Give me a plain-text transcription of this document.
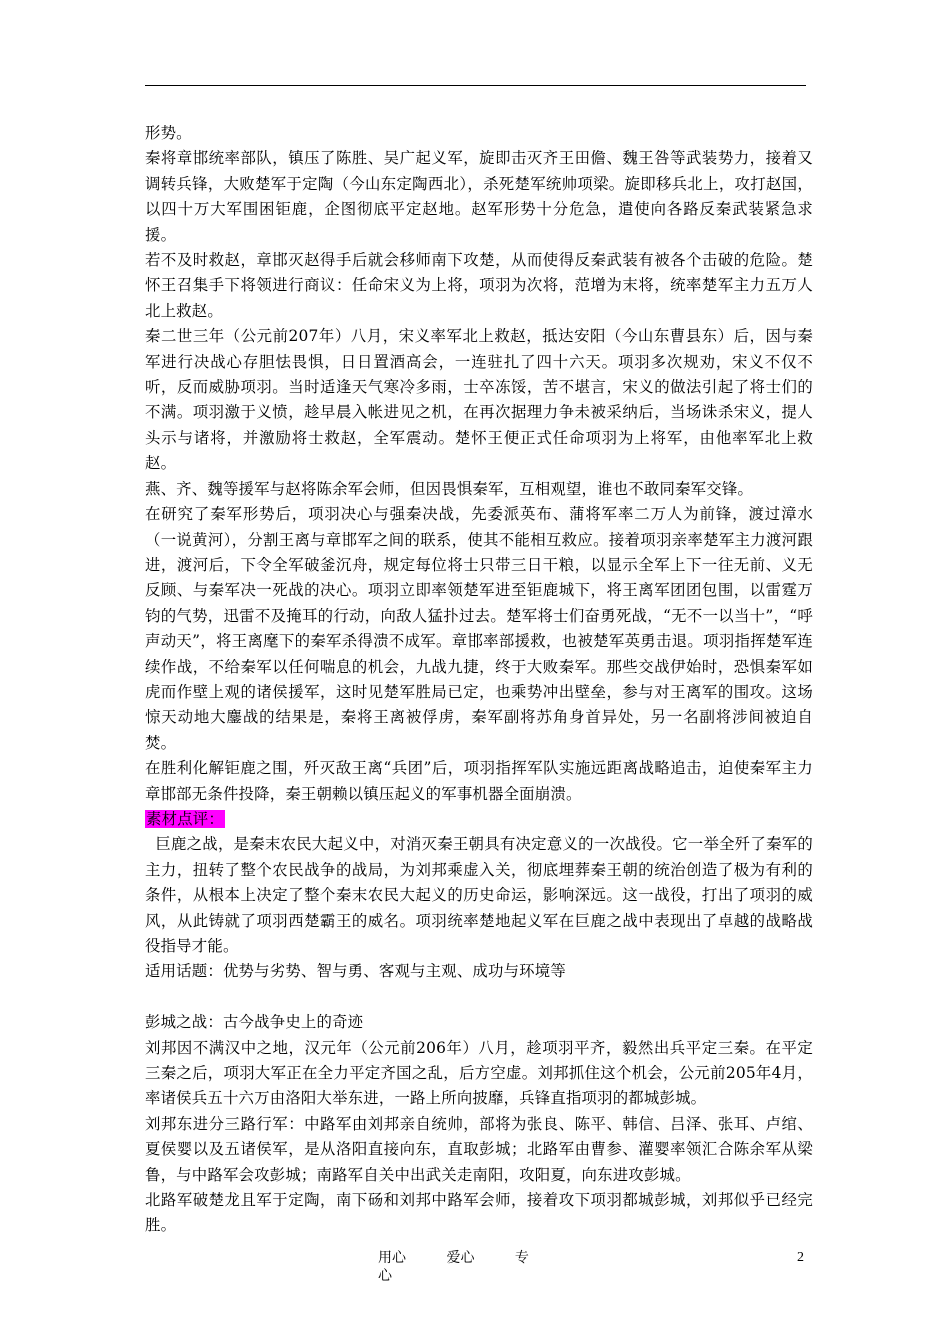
形势。

秦将章邯统率部队，镇压了陈胜、吴广起义军，旋即击灭齐王田儋、魏王咎等武装势力，接着又调转兵锋，大败楚军于定陶（今山东定陶西北），杀死楚军统帅项梁。旋即移兵北上，攻打赵国，以四十万大军围困钜鹿，企图彻底平定赵地。赵军形势十分危急，遣使向各路反秦武装紧急求援。

若不及时救赵，章邯灭赵得手后就会移师南下攻楚，从而使得反秦武装有被各个击破的危险。楚怀王召集手下将领进行商议：任命宋义为上将，项羽为次将，范增为末将，统率楚军主力五万人北上救赵。

秦二世三年（公元前207年）八月，宋义率军北上救赵，抵达安阳（今山东曹县东）后，因与秦军进行决战心存胆怯畏惧，日日置酒高会，一连驻扎了四十六天。项羽多次规劝，宋义不仅不听，反而威胁项羽。当时适逢天气寒冷多雨，士卒冻馁，苦不堪言，宋义的做法引起了将士们的不满。项羽激于义愤，趁早晨入帐进见之机，在再次据理力争未被采纳后，当场诛杀宋义，提人头示与诸将，并激励将士救赵，全军震动。楚怀王便正式任命项羽为上将军，由他率军北上救赵。

燕、齐、魏等援军与赵将陈余军会师，但因畏惧秦军，互相观望，谁也不敢同秦军交锋。

在研究了秦军形势后，项羽决心与强秦决战，先委派英布、蒲将军率二万人为前锋，渡过漳水（一说黄河），分割王离与章邯军之间的联系，使其不能相互救应。接着项羽亲率楚军主力渡河跟进，渡河后，下令全军破釜沉舟，规定每位将士只带三日干粮，以显示全军上下一往无前、义无反顾、与秦军决一死战的决心。项羽立即率领楚军进至钜鹿城下，将王离军团团包围，以雷霆万钧的气势，迅雷不及掩耳的行动，向敌人猛扑过去。楚军将士们奋勇死战，“无不一以当十”，“呼声动天”，将王离麾下的秦军杀得溃不成军。章邯率部援救，也被楚军英勇击退。项羽指挥楚军连续作战，不给秦军以任何喘息的机会，九战九捷，终于大败秦军。那些交战伊始时，恐惧秦军如虎而作壁上观的诸侯援军，这时见楚军胜局已定，也乘势冲出壁垒，参与对王离军的围攻。这场惊天动地大鏖战的结果是，秦将王离被俘虏，秦军副将苏角身首异处，另一名副将涉间被迫自焚。

在胜利化解钜鹿之围，歼灭敌王离“兵团”后，项羽指挥军队实施远距离战略追击，迫使秦军主力章邯部无条件投降，秦王朝赖以镇压起义的军事机器全面崩溃。

素材点评：

巨鹿之战，是秦末农民大起义中，对消灭秦王朝具有决定意义的一次战役。它一举全歼了秦军的主力，扭转了整个农民战争的战局，为刘邦乘虚入关，彻底埋葬秦王朝的统治创造了极为有利的条件，从根本上决定了整个秦末农民大起义的历史命运，影响深远。这一战役，打出了项羽的威风，从此铸就了项羽西楚霸王的威名。项羽统率楚地起义军在巨鹿之战中表现出了卓越的战略战役指导才能。

适用话题：优势与劣势、智与勇、客观与主观、成功与环境等

彭城之战：古今战争史上的奇迹

刘邦因不满汉中之地，汉元年（公元前206年）八月，趁项羽平齐，毅然出兵平定三秦。在平定三秦之后，项羽大军正在全力平定齐国之乱，后方空虚。刘邦抓住这个机会，公元前205年4月，率诸侯兵五十六万由洛阳大举东进，一路上所向披靡，兵锋直指项羽的都城彭城。

刘邦东进分三路行军：中路军由刘邦亲自统帅，部将为张良、陈平、韩信、吕泽、张耳、卢绾、夏侯婴以及五诸侯军，是从洛阳直接向东，直取彭城；北路军由曹参、灌婴率领汇合陈余军从梁鲁，与中路军会攻彭城；南路军自关中出武关走南阳，攻阳夏，向东进攻彭城。

北路军破楚龙且军于定陶，南下砀和刘邦中路军会师，接着攻下项羽都城彭城，刘邦似乎已经完胜。

用心	爱心	专心
2
